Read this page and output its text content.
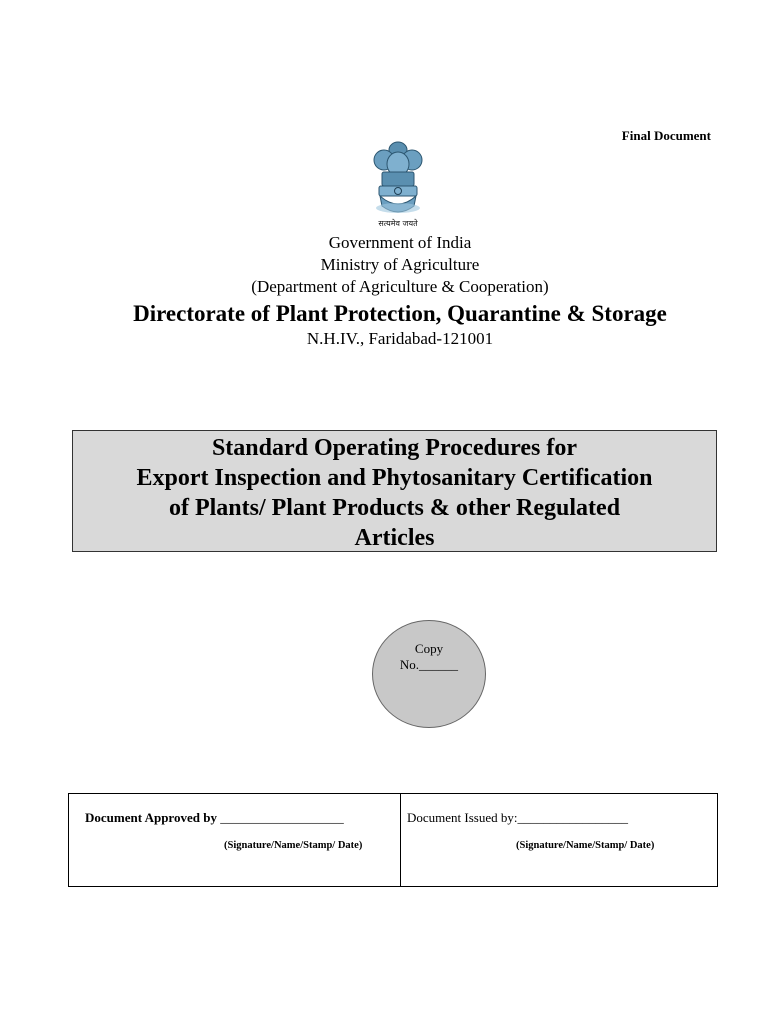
Final Document
सत्यमेव जयते
Government of India
Ministry of Agriculture
(Department of Agriculture & Cooperation)
Directorate of Plant Protection, Quarantine & Storage
N.H.IV., Faridabad-121001
Standard Operating Procedures for
Export Inspection and Phytosanitary Certification
of Plants/ Plant Products & other Regulated
Articles
Copy
No.______
Document Approved by ___________________
(Signature/Name/Stamp/ Date)
Document Issued by:_________________
(Signature/Name/Stamp/ Date)
